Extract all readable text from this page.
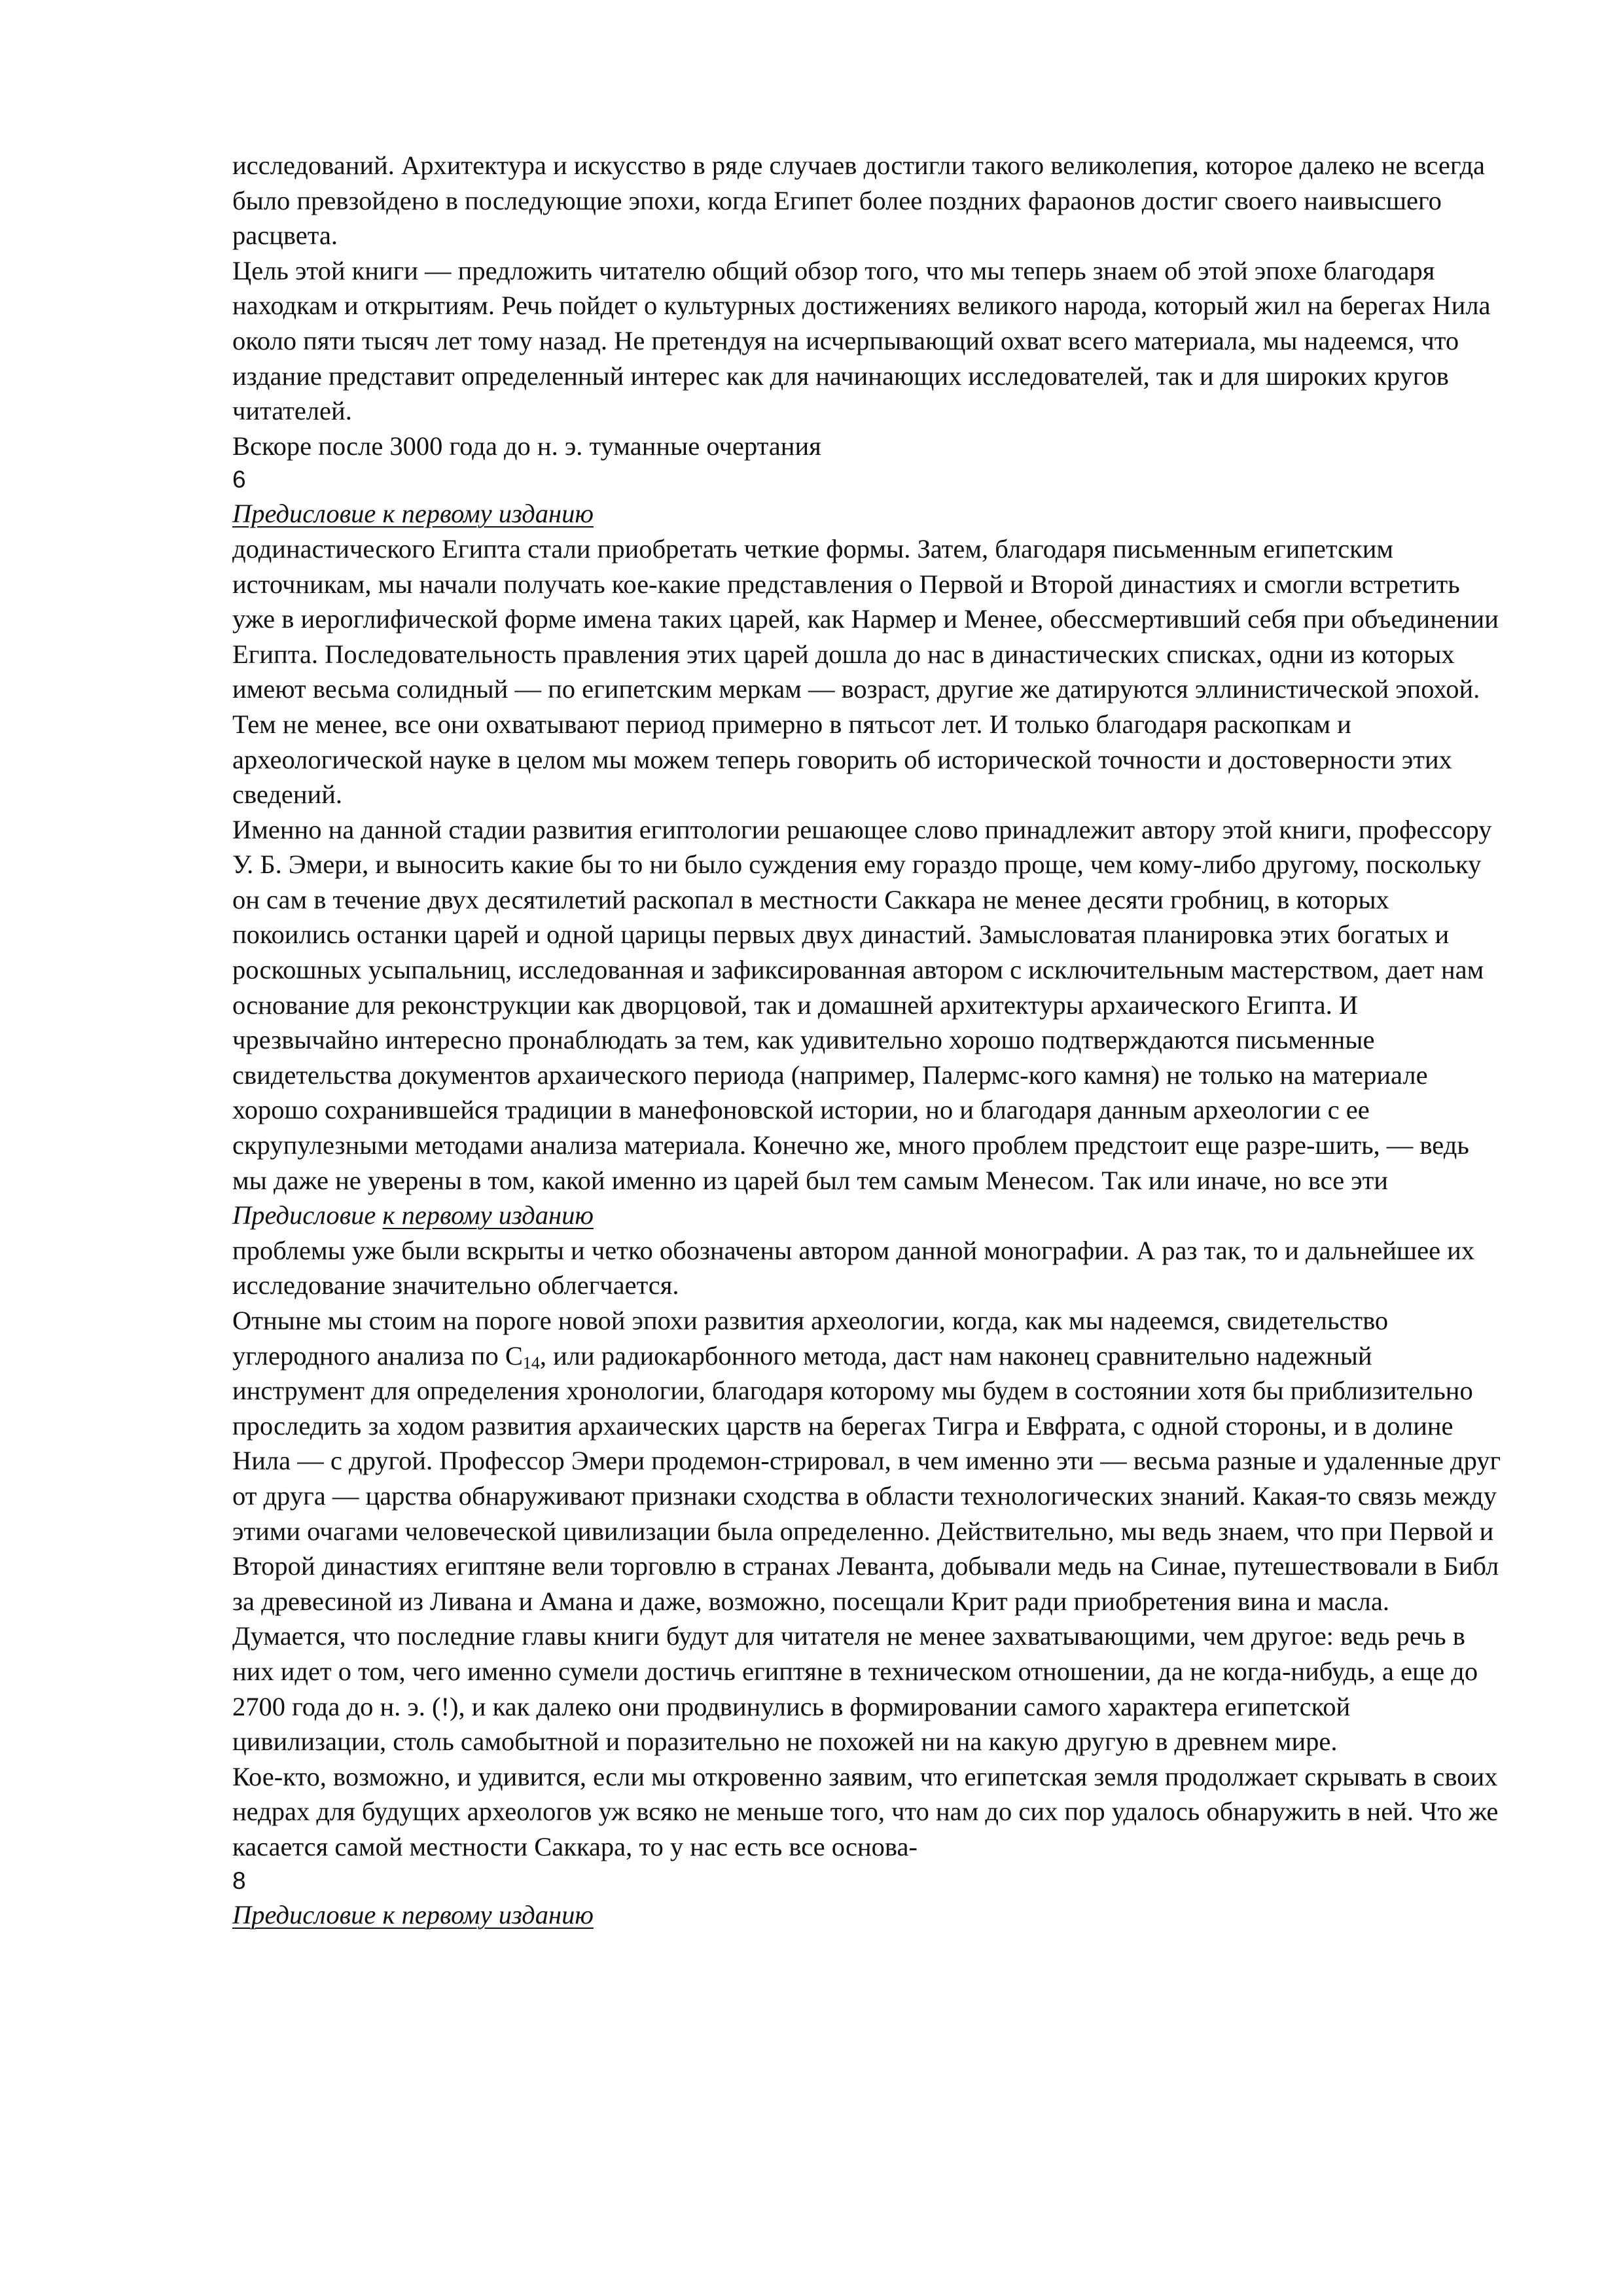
исследований. Архитектура и искусство в ряде случаев достигли такого великолепия, которое далеко не всегда было превзойдено в последующие эпохи, когда Египет более поздних фараонов достиг своего наивысшего расцвета.

Цель этой книги — предложить читателю общий обзор того, что мы теперь знаем об этой эпохе благодаря находкам и открытиям. Речь пойдет о культурных достижениях великого народа, который жил на берегах Нила около пяти тысяч лет тому назад. Не претендуя на исчерпывающий охват всего материала, мы надеемся, что издание представит определенный интерес как для начинающих исследователей, так и для широких кругов читателей.

Вскоре после 3000 года до н. э. туманные очертания

6

Предисловие к первому изданию

додинастического Египта стали приобретать четкие формы. Затем, благодаря письменным египетским источникам, мы начали получать кое-какие представления о Первой и Второй династиях и смогли встретить уже в иероглифической форме имена таких царей, как Нармер и Менее, обессмертивший себя при объединении Египта. Последовательность правления этих царей дошла до нас в династических списках, одни из которых имеют весьма солидный — по египетским меркам — возраст, другие же датируются эллинистической эпохой. Тем не менее, все они охватывают период примерно в пятьсот лет. И только благодаря раскопкам и археологической науке в целом мы можем теперь говорить об исторической точности и достоверности этих сведений.

Именно на данной стадии развития египтологии решающее слово принадлежит автору этой книги, профессору У. Б. Эмери, и выносить какие бы то ни было суждения ему гораздо проще, чем кому-либо другому, поскольку он сам в течение двух десятилетий раскопал в местности Саккара не менее десяти гробниц, в которых покоились останки царей и одной царицы первых двух династий. Замысловатая планировка этих богатых и роскошных усыпальниц, исследованная и зафиксированная автором с исключительным мастерством, дает нам основание для реконструкции как дворцовой, так и домашней архитектуры архаического Египта. И чрезвычайно интересно пронаблюдать за тем, как удивительно хорошо подтверждаются письменные свидетельства документов архаического периода (например, Палермс-кого камня) не только на материале хорошо сохранившейся традиции в манефоновской истории, но и благодаря данным археологии с ее скрупулезными методами анализа материала. Конечно же, много проблем предстоит еще разре-шить, — ведь мы даже не уверены в том, какой именно из царей был тем самым Менесом. Так или иначе, но все эти

Предисловие к первому изданию

проблемы уже были вскрыты и четко обозначены автором данной монографии. А раз так, то и дальнейшее их исследование значительно облегчается.

Отныне мы стоим на пороге новой эпохи развития археологии, когда, как мы надеемся, свидетельство углеродного анализа по $С_{14}$, или радиокарбонного метода, даст нам наконец сравнительно надежный инструмент для определения хронологии, благодаря которому мы будем в состоянии хотя бы приблизительно проследить за ходом развития архаических царств на берегах Тигра и Евфрата, с одной стороны, и в долине Нила — с другой. Профессор Эмери продемон-стрировал, в чем именно эти — весьма разные и удаленные друг от друга — царства обнаруживают признаки сходства в области технологических знаний. Какая-то связь между этими очагами человеческой цивилизации была определенно. Действительно, мы ведь знаем, что при Первой и Второй династиях египтяне вели торговлю в странах Леванта, добывали медь на Синае, путешествовали в Библ за древесиной из Ливана и Амана и даже, возможно, посещали Крит ради приобретения вина и масла.

Думается, что последние главы книги будут для читателя не менее захватывающими, чем другое: ведь речь в них идет о том, чего именно сумели достичь египтяне в техническом отношении, да не когда-нибудь, а еще до 2700 года до н. э. (!), и как далеко они продвинулись в формировании самого характера египетской цивилизации, столь самобытной и поразительно не похожей ни на какую другую в древнем мире.

Кое-кто, возможно, и удивится, если мы откровенно заявим, что египетская земля продолжает скрывать в своих недрах для будущих археологов уж всяко не меньше того, что нам до сих пор удалось обнаружить в ней. Что же касается самой местности Саккара, то у нас есть все основа-

8

Предисловие к первому изданию
